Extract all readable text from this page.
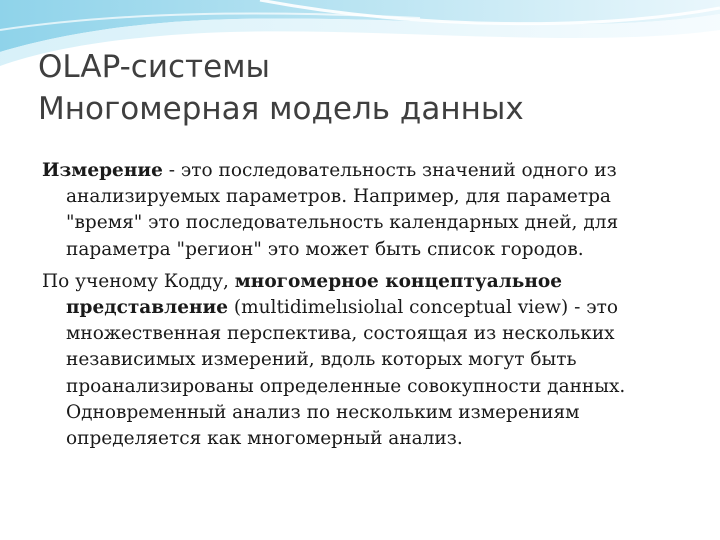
OLAP-системы
Многомерная модель данных

Измерение - это последовательность значений одного из анализируемых параметров. Например, для параметра "время" это последовательность календарных дней, для параметра "регион" это может быть список городов.

По ученому Кодду, многомерное концептуальное представление (multidimelısiolıal conceptual view) - это множественная перспектива, состоящая из нескольких независимых измерений, вдоль которых могут быть проанализированы определенные совокупности данных. Одновременный анализ по нескольким измерениям определяется как многомерный анализ.
